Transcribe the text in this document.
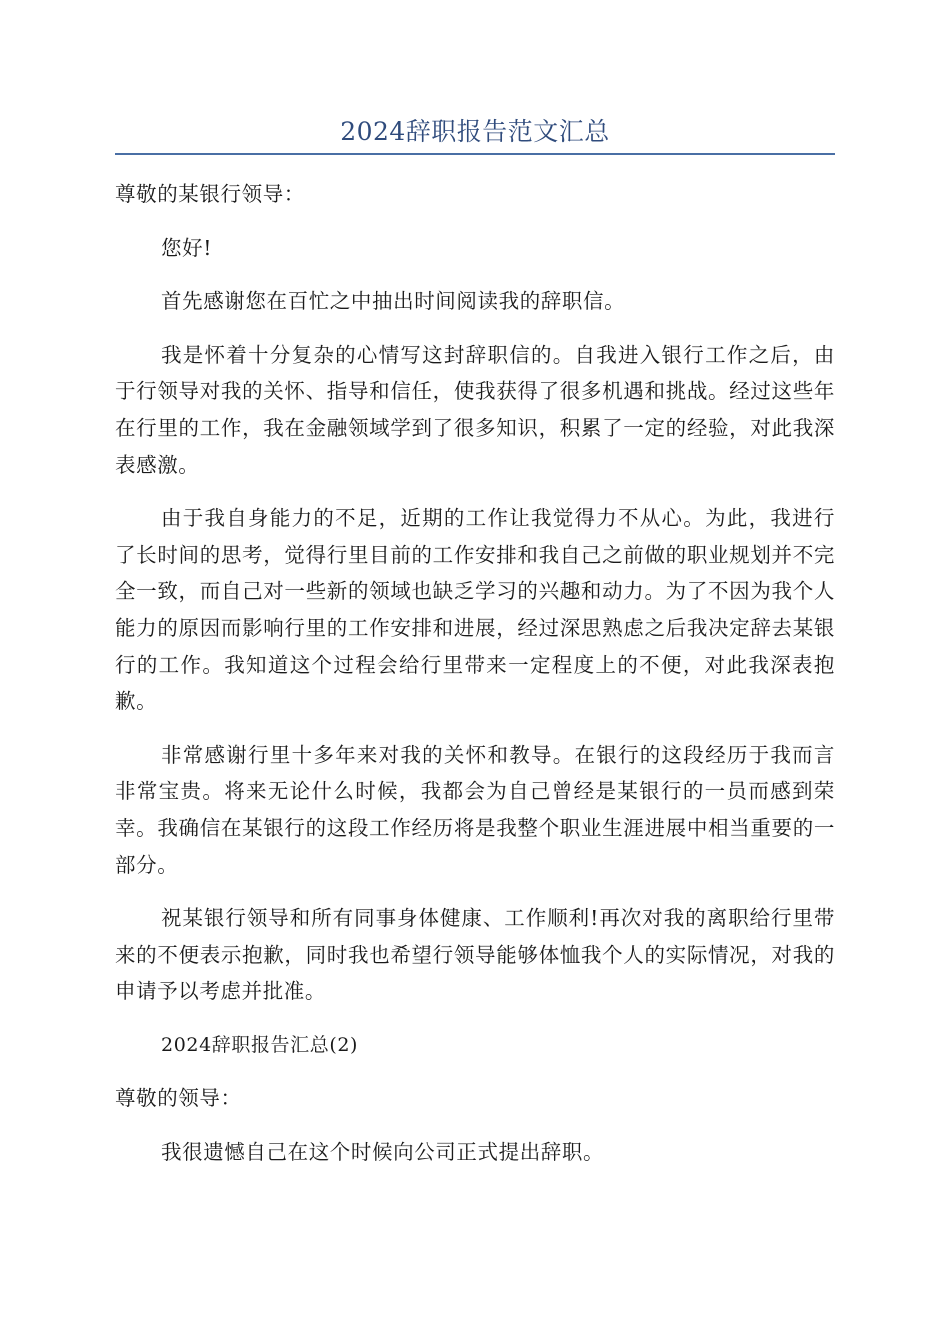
2024辞职报告范文汇总

尊敬的某银行领导：

您好!

首先感谢您在百忙之中抽出时间阅读我的辞职信。

我是怀着十分复杂的心情写这封辞职信的。自我进入银行工作之后，由于行领导对我的关怀、指导和信任，使我获得了很多机遇和挑战。经过这些年在行里的工作，我在金融领域学到了很多知识，积累了一定的经验，对此我深表感激。

由于我自身能力的不足，近期的工作让我觉得力不从心。为此，我进行了长时间的思考，觉得行里目前的工作安排和我自己之前做的职业规划并不完全一致，而自己对一些新的领域也缺乏学习的兴趣和动力。为了不因为我个人能力的原因而影响行里的工作安排和进展，经过深思熟虑之后我决定辞去某银行的工作。我知道这个过程会给行里带来一定程度上的不便，对此我深表抱歉。

非常感谢行里十多年来对我的关怀和教导。在银行的这段经历于我而言非常宝贵。将来无论什么时候，我都会为自己曾经是某银行的一员而感到荣幸。我确信在某银行的这段工作经历将是我整个职业生涯进展中相当重要的一部分。

祝某银行领导和所有同事身体健康、工作顺利!再次对我的离职给行里带来的不便表示抱歉，同时我也希望行领导能够体恤我个人的实际情况，对我的申请予以考虑并批准。

2024辞职报告汇总(2)

尊敬的领导：

我很遗憾自己在这个时候向公司正式提出辞职。
